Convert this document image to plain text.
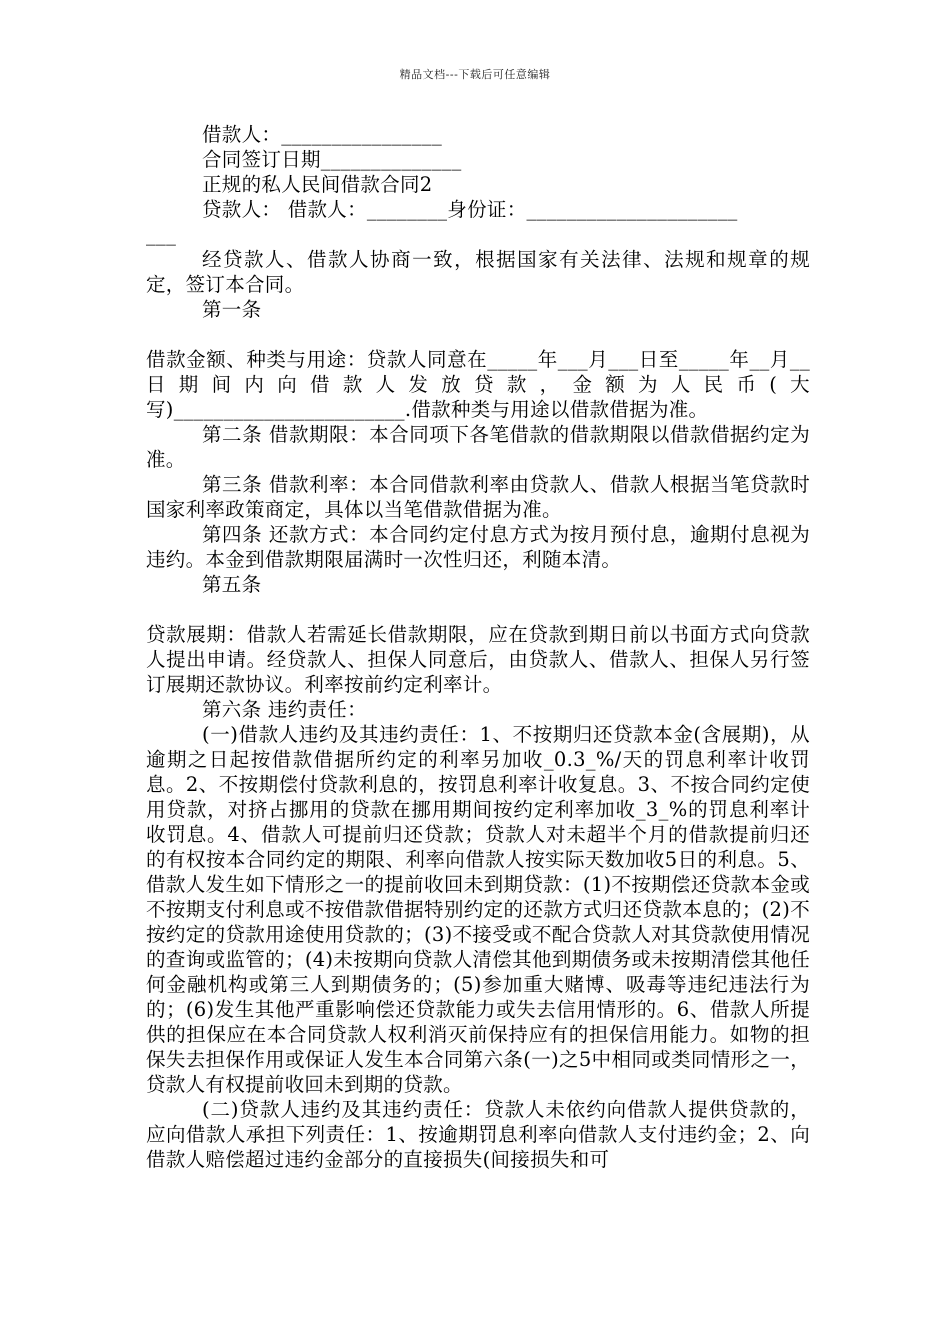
精品文档---下载后可任意编辑
借款人：________________
合同签订日期______________
正规的私人民间借款合同2
贷款人： 借款人：________身份证：_____________________
___
经贷款人、借款人协商一致，根据国家有关法律、法规和规章的规定，签订本合同。
第一条
借款金额、种类与用途：贷款人同意在_____年___月___日至_____年__月__日期间内向借款人发放贷款，金额为人民币(大写)_______________________.借款种类与用途以借款借据为准。
第二条 借款期限：本合同项下各笔借款的借款期限以借款借据约定为准。
第三条 借款利率：本合同借款利率由贷款人、借款人根据当笔贷款时国家利率政策商定，具体以当笔借款借据为准。
第四条 还款方式：本合同约定付息方式为按月预付息，逾期付息视为违约。本金到借款期限届满时一次性归还，利随本清。
第五条
贷款展期：借款人若需延长借款期限，应在贷款到期日前以书面方式向贷款人提出申请。经贷款人、担保人同意后，由贷款人、借款人、担保人另行签订展期还款协议。利率按前约定利率计。
第六条 违约责任：
(一)借款人违约及其违约责任：1、不按期归还贷款本金(含展期)，从逾期之日起按借款借据所约定的利率另加收_0.3_%/天的罚息利率计收罚息。2、不按期偿付贷款利息的，按罚息利率计收复息。3、不按合同约定使用贷款，对挤占挪用的贷款在挪用期间按约定利率加收_3_%的罚息利率计收罚息。4、借款人可提前归还贷款；贷款人对未超半个月的借款提前归还的有权按本合同约定的期限、利率向借款人按实际天数加收5日的利息。5、借款人发生如下情形之一的提前收回未到期贷款：(1)不按期偿还贷款本金或不按期支付利息或不按借款借据特别约定的还款方式归还贷款本息的；(2)不按约定的贷款用途使用贷款的；(3)不接受或不配合贷款人对其贷款使用情况的查询或监管的；(4)未按期向贷款人清偿其他到期债务或未按期清偿其他任何金融机构或第三人到期债务的；(5)参加重大赌博、吸毒等违纪违法行为的；(6)发生其他严重影响偿还贷款能力或失去信用情形的。6、借款人所提供的担保应在本合同贷款人权利消灭前保持应有的担保信用能力。如物的担保失去担保作用或保证人发生本合同第六条(一)之5中相同或类同情形之一，贷款人有权提前收回未到期的贷款。
(二)贷款人违约及其违约责任：贷款人未依约向借款人提供贷款的，应向借款人承担下列责任：1、按逾期罚息利率向借款人支付违约金；2、向借款人赔偿超过违约金部分的直接损失(间接损失和可
